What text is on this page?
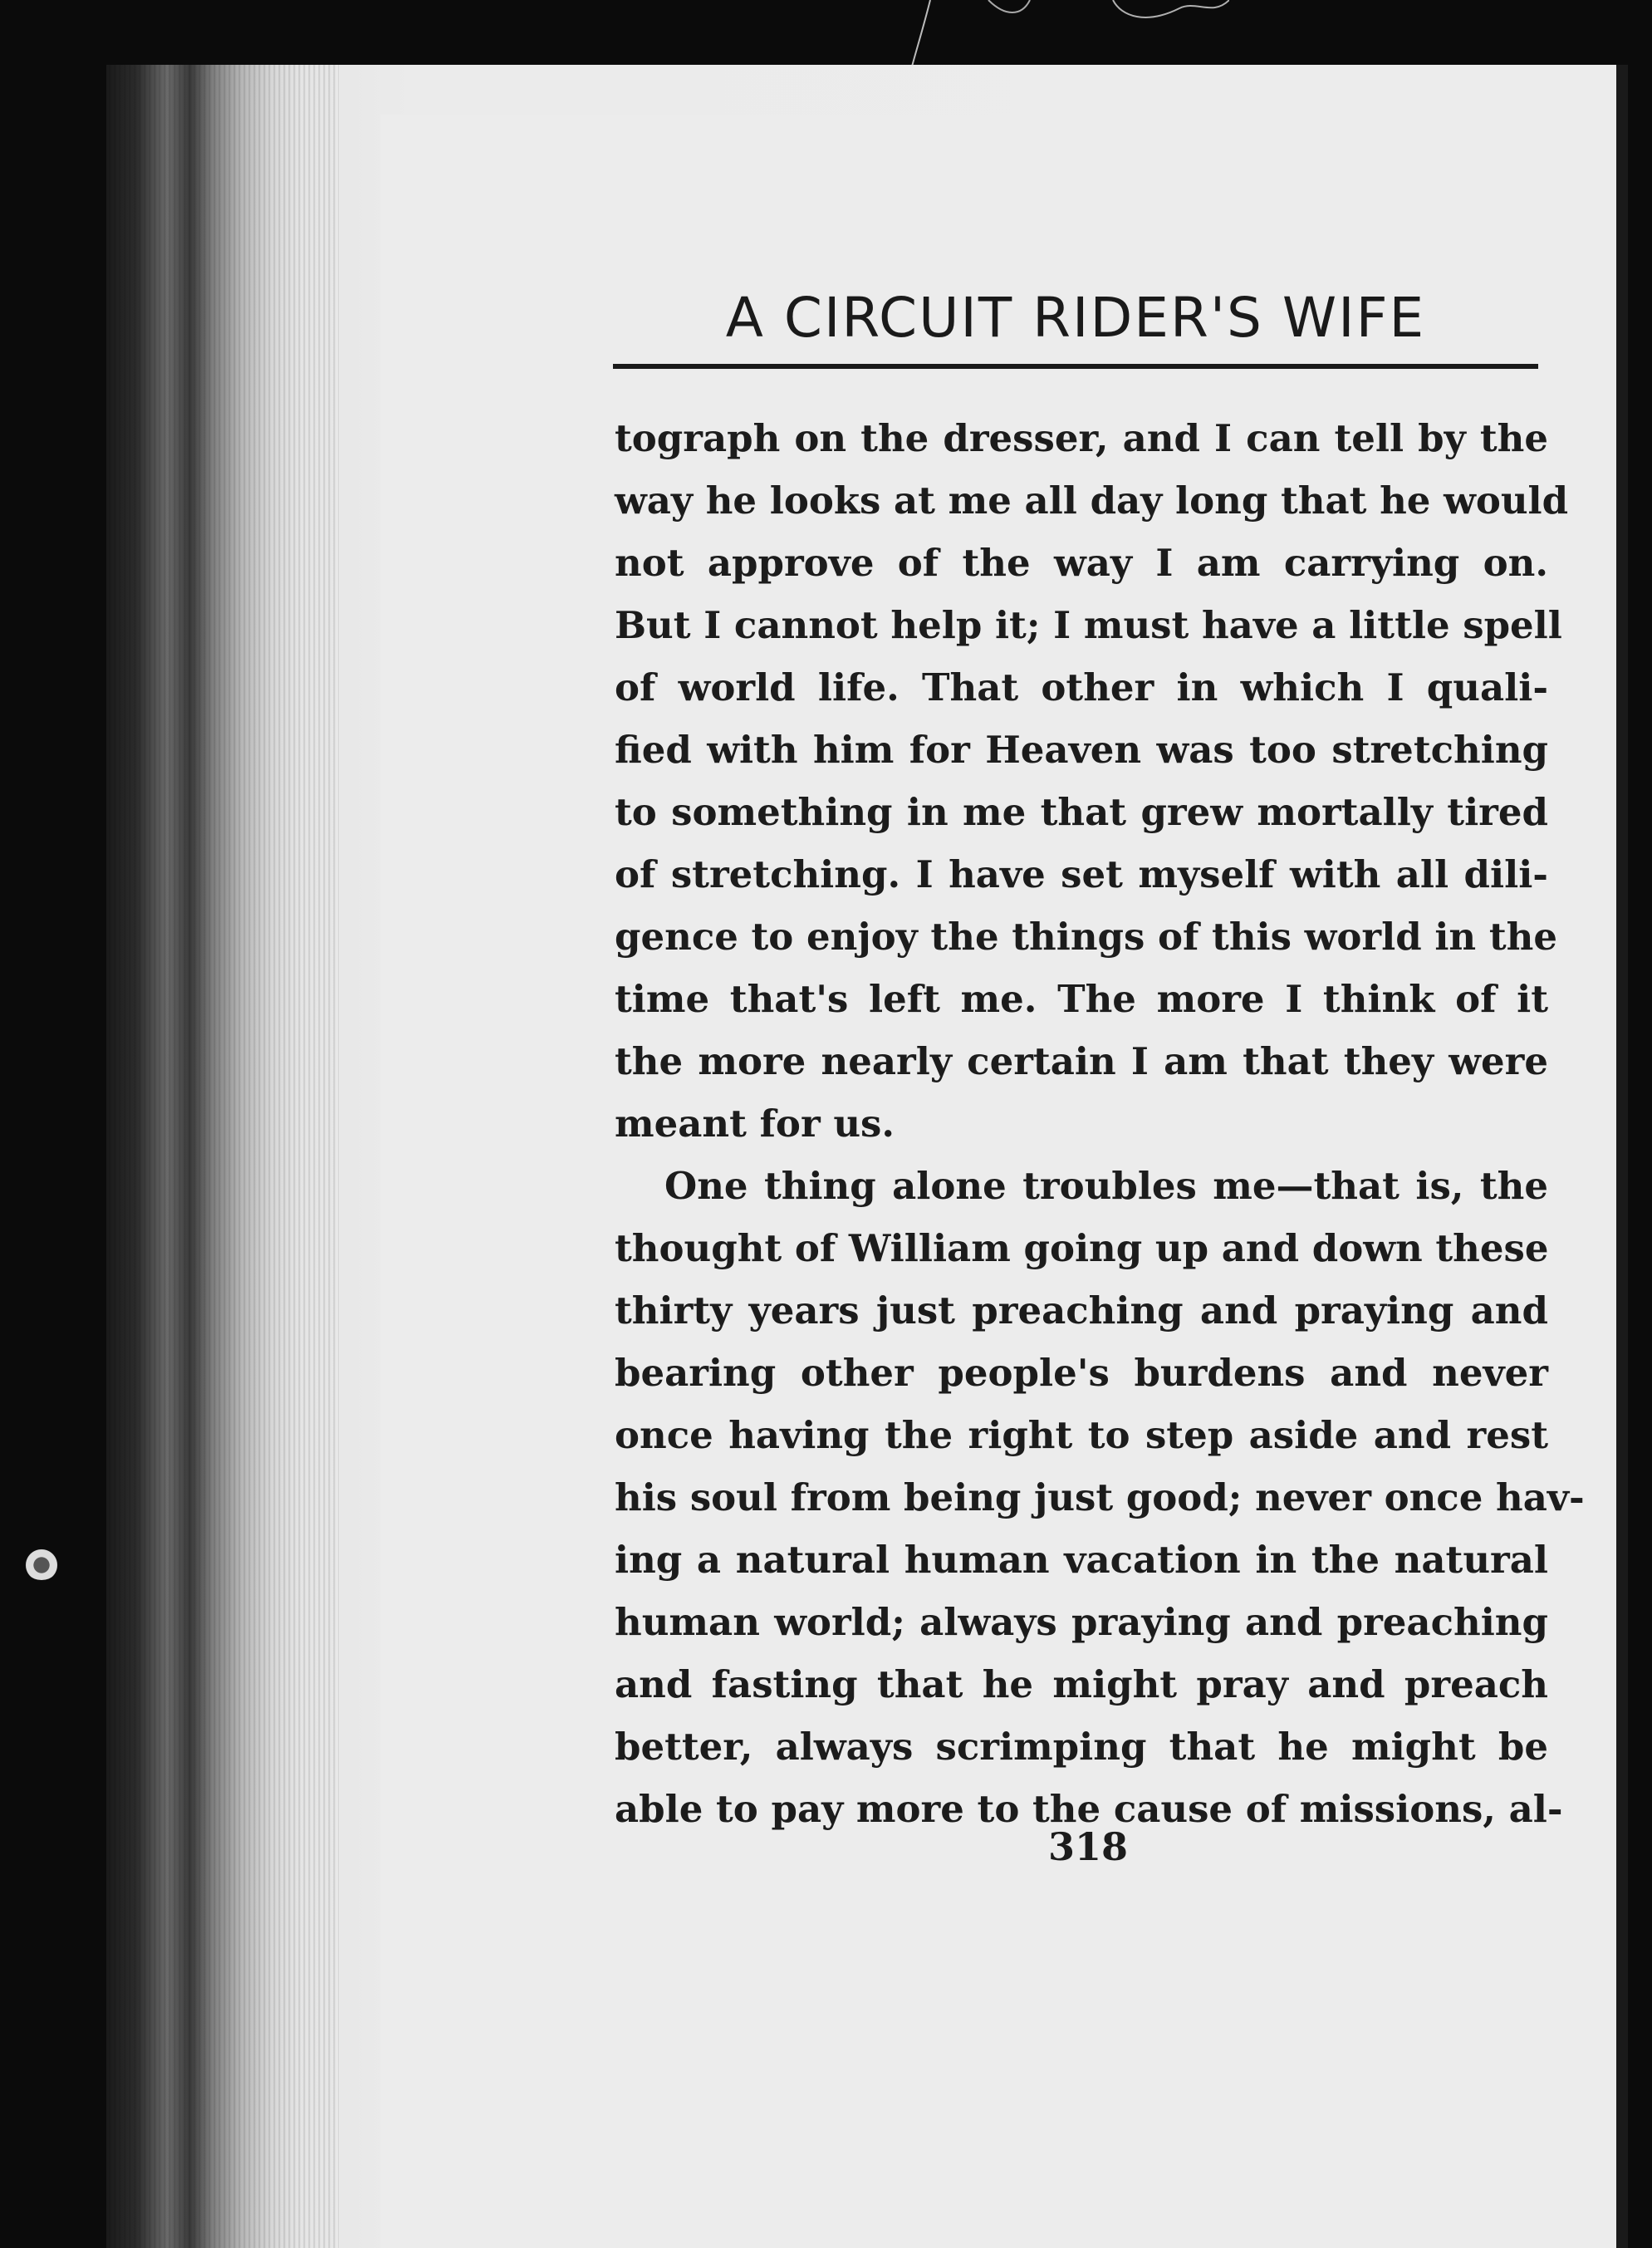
A CIRCUIT RIDER'S WIFE
tograph on the dresser, and I can tell by the
way he looks at me all day long that he would
not approve of the way I am carrying on.
But I cannot help it; I must have a little spell
of world life. That other in which I quali-
fied with him for Heaven was too stretching
to something in me that grew mortally tired
of stretching. I have set myself with all dili-
gence to enjoy the things of this world in the
time that's left me. The more I think of it
the more nearly certain I am that they were
meant for us.
One thing alone troubles me—that is, the
thought of William going up and down these
thirty years just preaching and praying and
bearing other people's burdens and never
once having the right to step aside and rest
his soul from being just good; never once hav-
ing a natural human vacation in the natural
human world; always praying and preaching
and fasting that he might pray and preach
better, always scrimping that he might be
able to pay more to the cause of missions, al-
318
